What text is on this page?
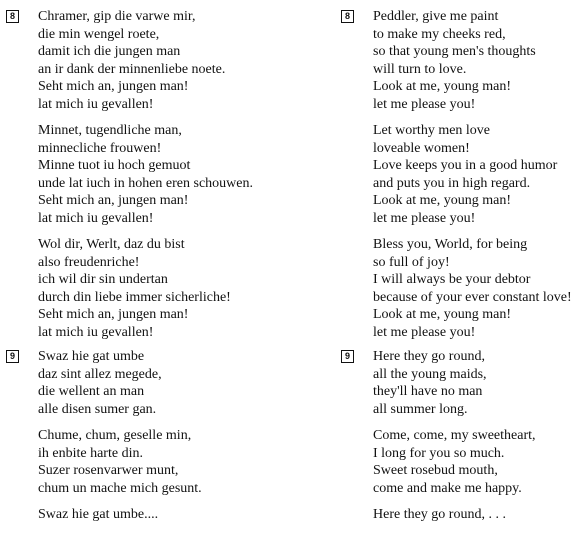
8 Chramer, gip die varwe mir,
die min wengel roete,
damit ich die jungen man
an ir dank der minnenliebe noete.
Seht mich an, jungen man!
lat mich iu gevallen!
Minnet, tugendliche man,
minnecliche frouwen!
Minne tuot iu hoch gemuot
unde lat iuch in hohen eren schouwen.
Seht mich an, jungen man!
lat mich iu gevallen!
Wol dir, Werlt, daz du bist
also freudenriche!
ich wil dir sin undertan
durch din liebe immer sicherliche!
Seht mich an, jungen man!
lat mich iu gevallen!
9 Swaz hie gat umbe
daz sint allez megede,
die wellent an man
alle disen sumer gan.
Chume, chum, geselle min,
ih enbite harte din.
Suzer rosenvarwer munt,
chum un mache mich gesunt.
Swaz hie gat umbe....
8 Peddler, give me paint
to make my cheeks red,
so that young men's thoughts
will turn to love.
Look at me, young man!
let me please you!
Let worthy men love
loveable women!
Love keeps you in a good humor
and puts you in high regard.
Look at me, young man!
let me please you!
Bless you, World, for being
so full of joy!
I will always be your debtor
because of your ever constant love!
Look at me, young man!
let me please you!
9 Here they go round,
all the young maids,
they'll have no man
all summer long.
Come, come, my sweetheart,
I long for you so much.
Sweet rosebud mouth,
come and make me happy.
Here they go round, . . .
